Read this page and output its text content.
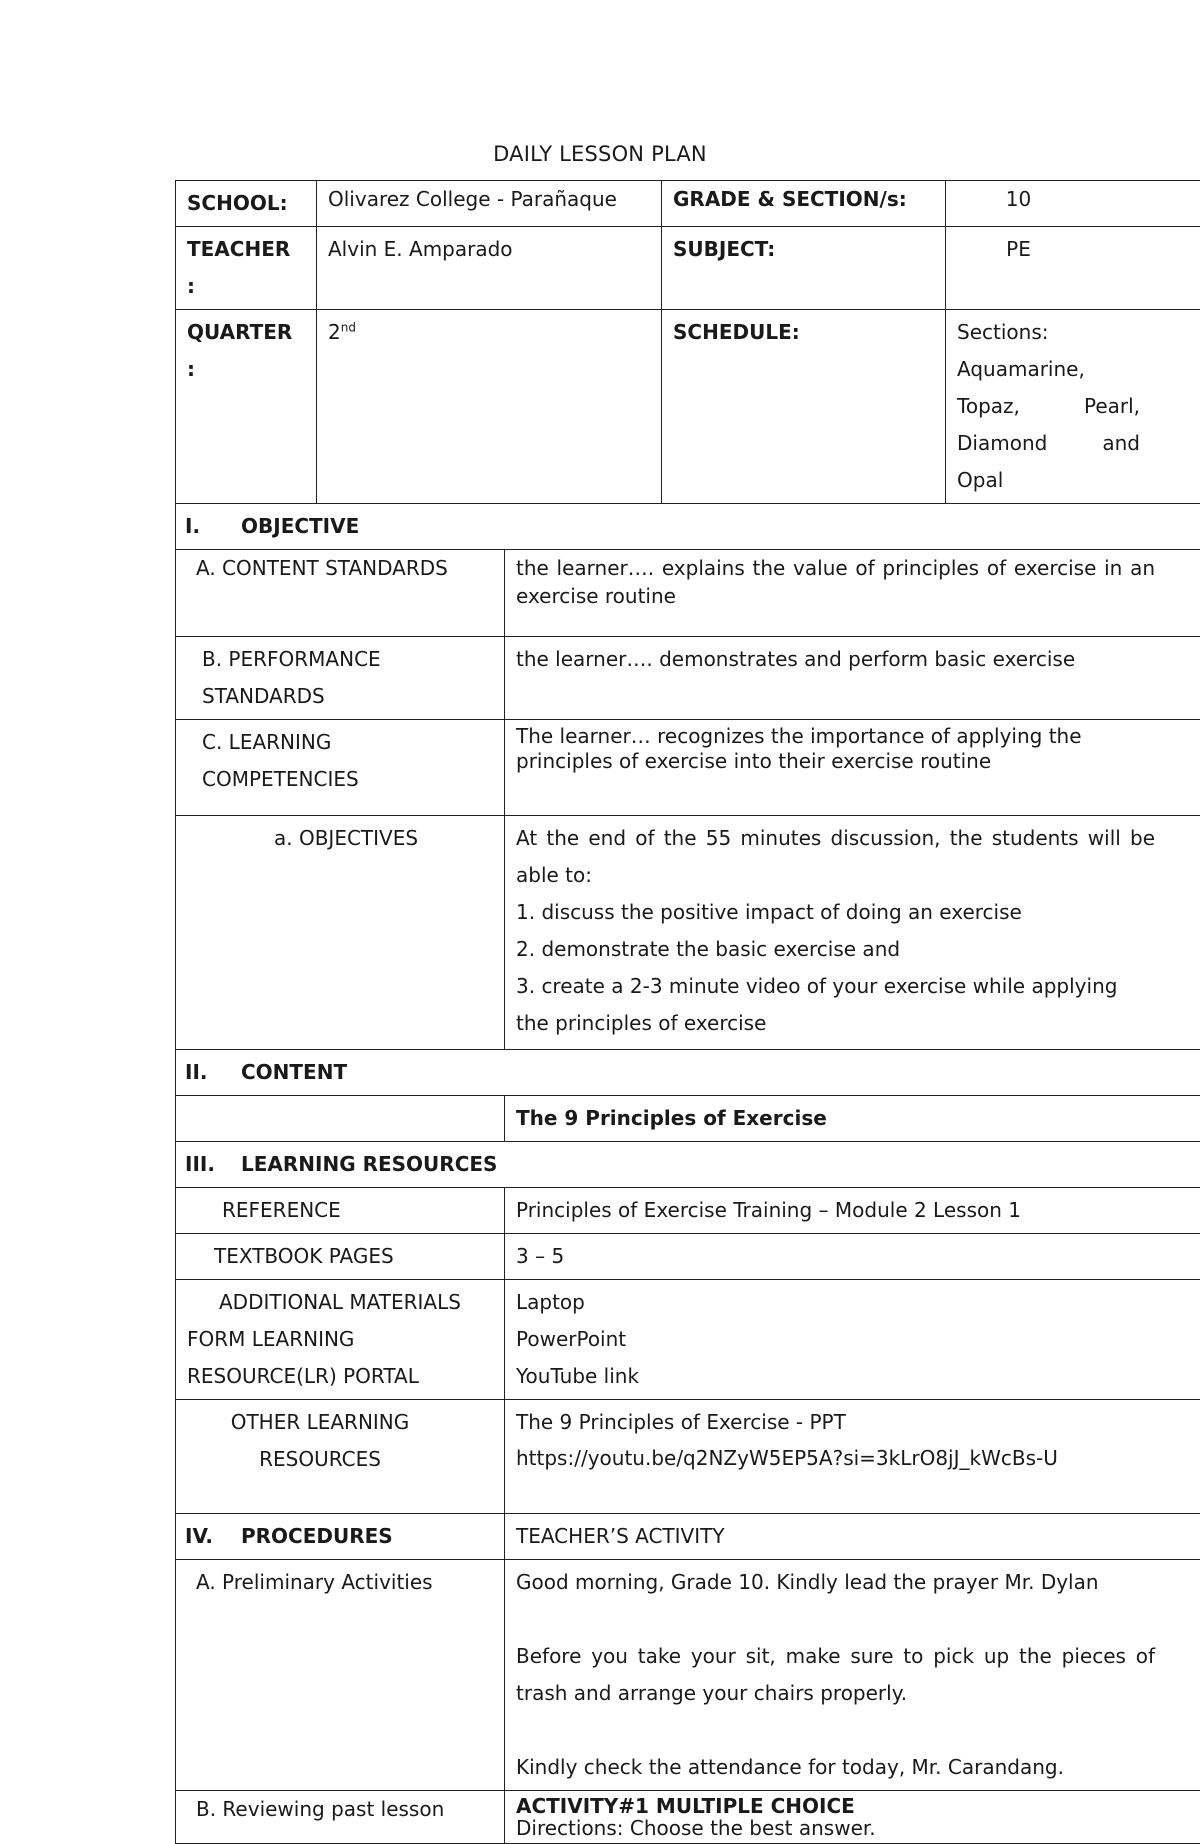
DAILY LESSON PLAN
SCHOOL:	Olivarez College - Parañaque		GRADE & SECTION/s:	10
TEACHER :	Alvin E. Amparado		SUBJECT:	PE
QUARTER :	2nd		SCHEDULE:	Sections: Aquamarine, Topaz, Pearl, Diamond and Opal
I. OBJECTIVE				
A. CONTENT STANDARDS		the learner…. explains the value of principles of exercise in an exercise routine		
B. PERFORMANCE STANDARDS		the learner…. demonstrates and perform basic exercise		
C. LEARNING COMPETENCIES		The learner… recognizes the importance of applying the principles of exercise into their exercise routine		
a. OBJECTIVES		At the end of the 55 minutes discussion, the students will be able to:
1. discuss the positive impact of doing an exercise
2. demonstrate the basic exercise and
3. create a 2-3 minute video of your exercise while applying the principles of exercise		

II. CONTENT				
		The 9 Principles of Exercise		
III. LEARNING RESOURCES				
REFERENCE		Principles of Exercise Training – Module 2 Lesson 1		
TEXTBOOK PAGES		3 – 5		
ADDITIONAL MATERIALS FORM LEARNING RESOURCE(LR) PORTAL		Laptop
PowerPoint
YouTube link		

OTHER LEARNING RESOURCES		The 9 Principles of Exercise - PPT
https://youtu.be/q2NZyW5EP5A?si=3kLrO8jJ_kWcBs-U		

IV. PROCEDURES		TEACHER’S ACTIVITY		
A. Preliminary Activities		Good morning, Grade 10. Kindly lead the prayer Mr. Dylan
Before you take your sit, make sure to pick up the pieces of trash and arrange your chairs properly.
Kindly check the attendance for today, Mr. Carandang.		

B. Reviewing past lesson		ACTIVITY#1 MULTIPLE CHOICE
Directions: Choose the best answer.		
